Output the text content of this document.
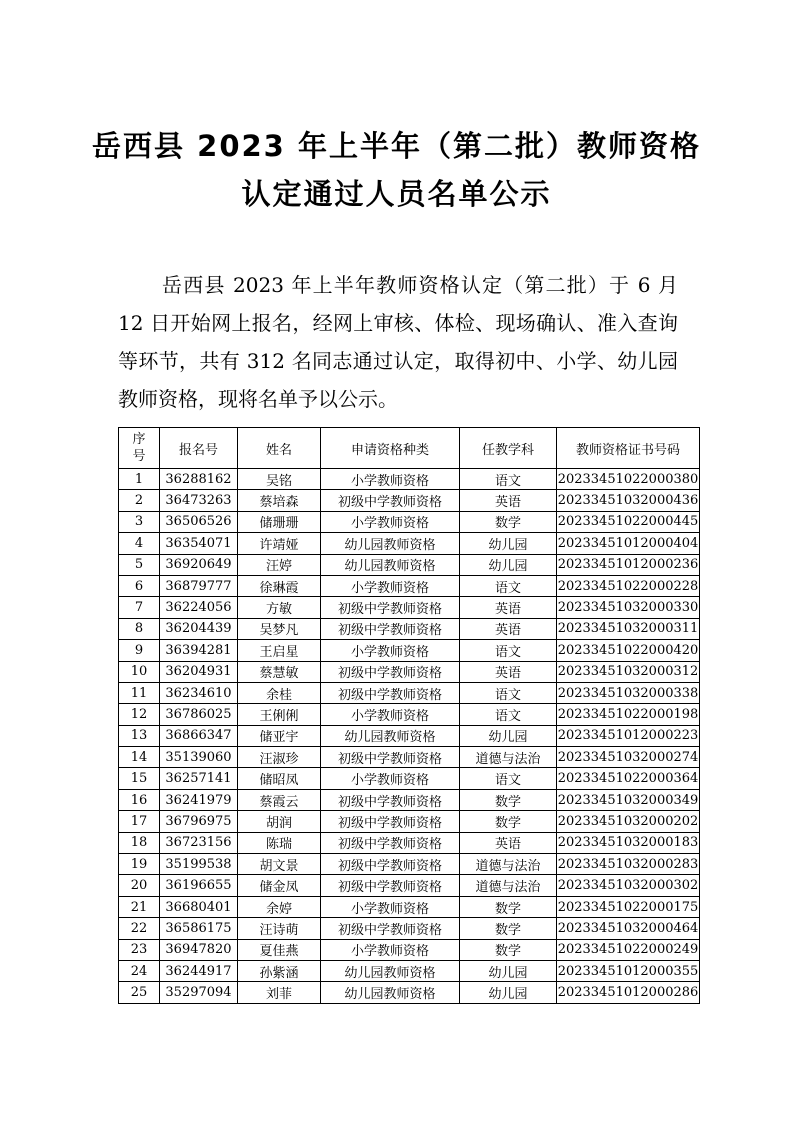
岳西县 2023 年上半年（第二批）教师资格
认定通过人员名单公示

岳西县 2023 年上半年教师资格认定（第二批）于 6 月 12 日开始网上报名，经网上审核、体检、现场确认、准入查询等环节，共有 312 名同志通过认定，取得初中、小学、幼儿园教师资格，现将名单予以公示。

序号	报名号	姓名	申请资格种类	任教学科	教师资格证书号码
1	36288162	吴铭	小学教师资格	语文	20233451022000380
2	36473263	蔡培森	初级中学教师资格	英语	20233451032000436
3	36506526	储珊珊	小学教师资格	数学	20233451022000445
4	36354071	许靖娅	幼儿园教师资格	幼儿园	20233451012000404
5	36920649	汪婷	幼儿园教师资格	幼儿园	20233451012000236
6	36879777	徐琳霞	小学教师资格	语文	20233451022000228
7	36224056	方敏	初级中学教师资格	英语	20233451032000330
8	36204439	吴梦凡	初级中学教师资格	英语	20233451032000311
9	36394281	王启星	小学教师资格	语文	20233451022000420
10	36204931	蔡慧敏	初级中学教师资格	英语	20233451032000312
11	36234610	余桂	初级中学教师资格	语文	20233451032000338
12	36786025	王俐俐	小学教师资格	语文	20233451022000198
13	36866347	储亚宇	幼儿园教师资格	幼儿园	20233451012000223
14	35139060	汪淑珍	初级中学教师资格	道德与法治	20233451032000274
15	36257141	储昭凤	小学教师资格	语文	20233451022000364
16	36241979	蔡霞云	初级中学教师资格	数学	20233451032000349
17	36796975	胡润	初级中学教师资格	数学	20233451032000202
18	36723156	陈瑞	初级中学教师资格	英语	20233451032000183
19	35199538	胡文景	初级中学教师资格	道德与法治	20233451032000283
20	36196655	储金凤	初级中学教师资格	道德与法治	20233451032000302
21	36680401	余婷	小学教师资格	数学	20233451022000175
22	36586175	汪诗萌	初级中学教师资格	数学	20233451032000464
23	36947820	夏佳燕	小学教师资格	数学	20233451022000249
24	36244917	孙紫涵	幼儿园教师资格	幼儿园	20233451012000355
25	35297094	刘菲	幼儿园教师资格	幼儿园	20233451012000286
